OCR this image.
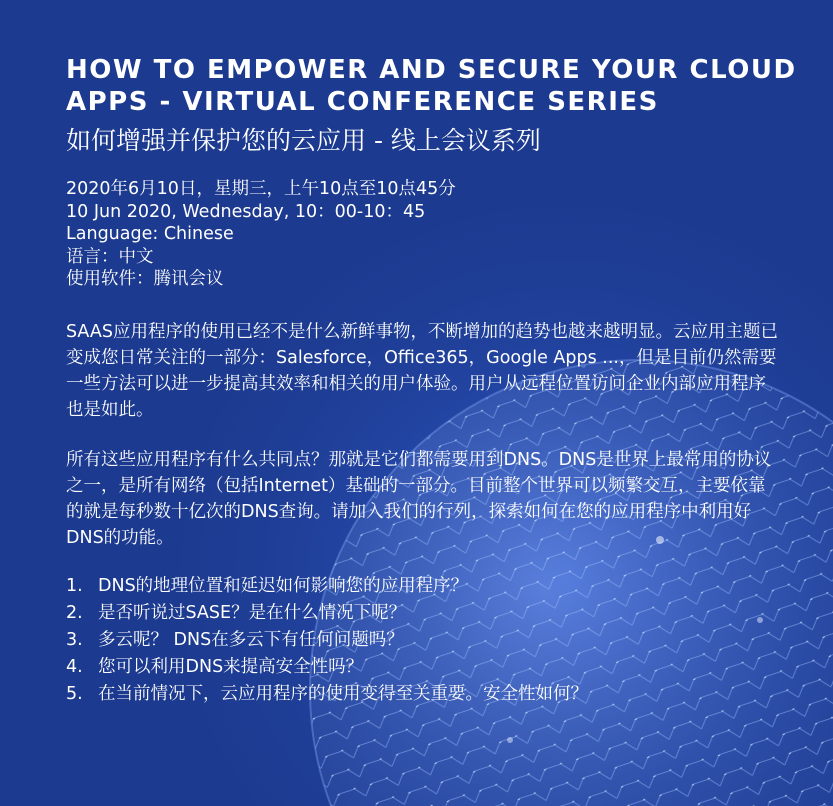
HOW TO EMPOWER AND SECURE YOUR CLOUD APPS - VIRTUAL CONFERENCE SERIES
如何增强并保护您的云应用 - 线上会议系列
2020年6月10日，星期三，上午10点至10点45分
10 Jun 2020, Wednesday, 10：00-10：45
Language: Chinese
语言：中文
使用软件：腾讯会议

SAAS应用程序的使用已经不是什么新鲜事物，不断增加的趋势也越来越明显。云应用主题已变成您日常关注的一部分：Salesforce，Office365，Google Apps ...，但是目前仍然需要一些方法可以进一步提高其效率和相关的用户体验。用户从远程位置访问企业内部应用程序也是如此。

所有这些应用程序有什么共同点？那就是它们都需要用到DNS。DNS是世界上最常用的协议之一，是所有网络（包括Internet）基础的一部分。目前整个世界可以频繁交互，主要依靠的就是每秒数十亿次的DNS查询。请加入我们的行列，探索如何在您的应用程序中利用好DNS的功能。

1. DNS的地理位置和延迟如何影响您的应用程序？
2. 是否听说过SASE？是在什么情况下呢？
3. 多云呢？ DNS在多云下有任何问题吗？
4. 您可以利用DNS来提高安全性吗？
5. 在当前情况下，云应用程序的使用变得至关重要。安全性如何？
